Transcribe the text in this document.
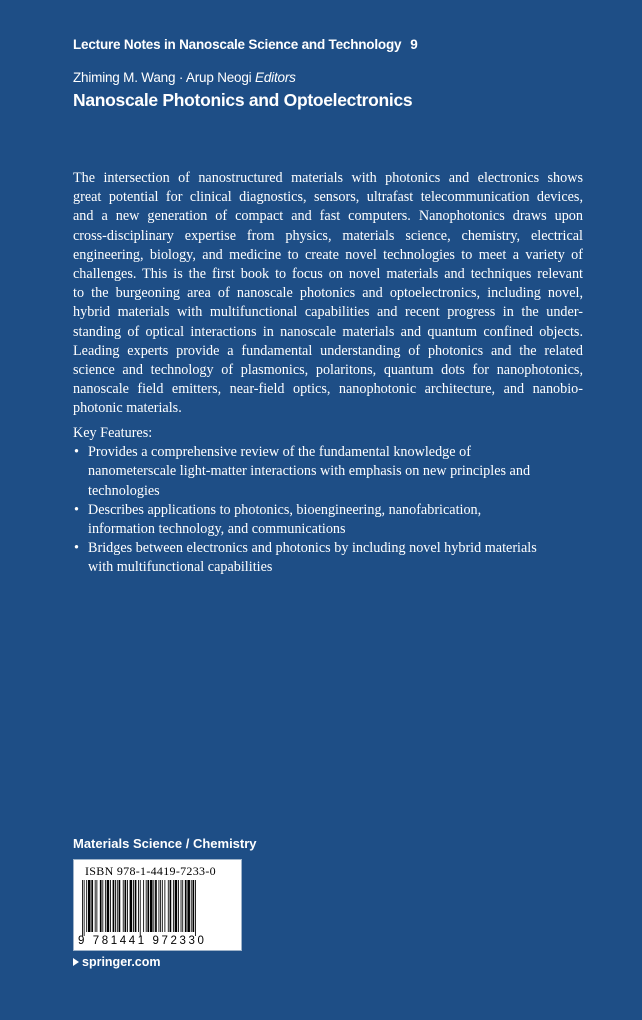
Lecture Notes in Nanoscale Science and Technology 9
Zhiming M. Wang · Arup Neogi Editors
Nanoscale Photonics and Optoelectronics
The intersection of nanostructured materials with photonics and electronics shows
great potential for clinical diagnostics, sensors, ultrafast telecommunication devices,
and a new generation of compact and fast computers. Nanophotonics draws upon
cross-disciplinary expertise from physics, materials science, chemistry, electrical
engineering, biology, and medicine to create novel technologies to meet a variety of
challenges. This is the first book to focus on novel materials and techniques relevant
to the burgeoning area of nanoscale photonics and optoelectronics, including novel,
hybrid materials with multifunctional capabilities and recent progress in the under-
standing of optical interactions in nanoscale materials and quantum confined objects.
Leading experts provide a fundamental understanding of photonics and the related
science and technology of plasmonics, polaritons, quantum dots for nanophotonics,
nanoscale field emitters, near-field optics, nanophotonic architecture, and nanobio-
photonic materials.
Key Features:
• Provides a comprehensive review of the fundamental knowledge of
nanometerscale light-matter interactions with emphasis on new principles and
technologies
• Describes applications to photonics, bioengineering, nanofabrication,
information technology, and communications
• Bridges between electronics and photonics by including novel hybrid materials
with multifunctional capabilities
Materials Science / Chemistry
ISBN 978-1-4419-7233-0
9 781441 972330
springer.com
